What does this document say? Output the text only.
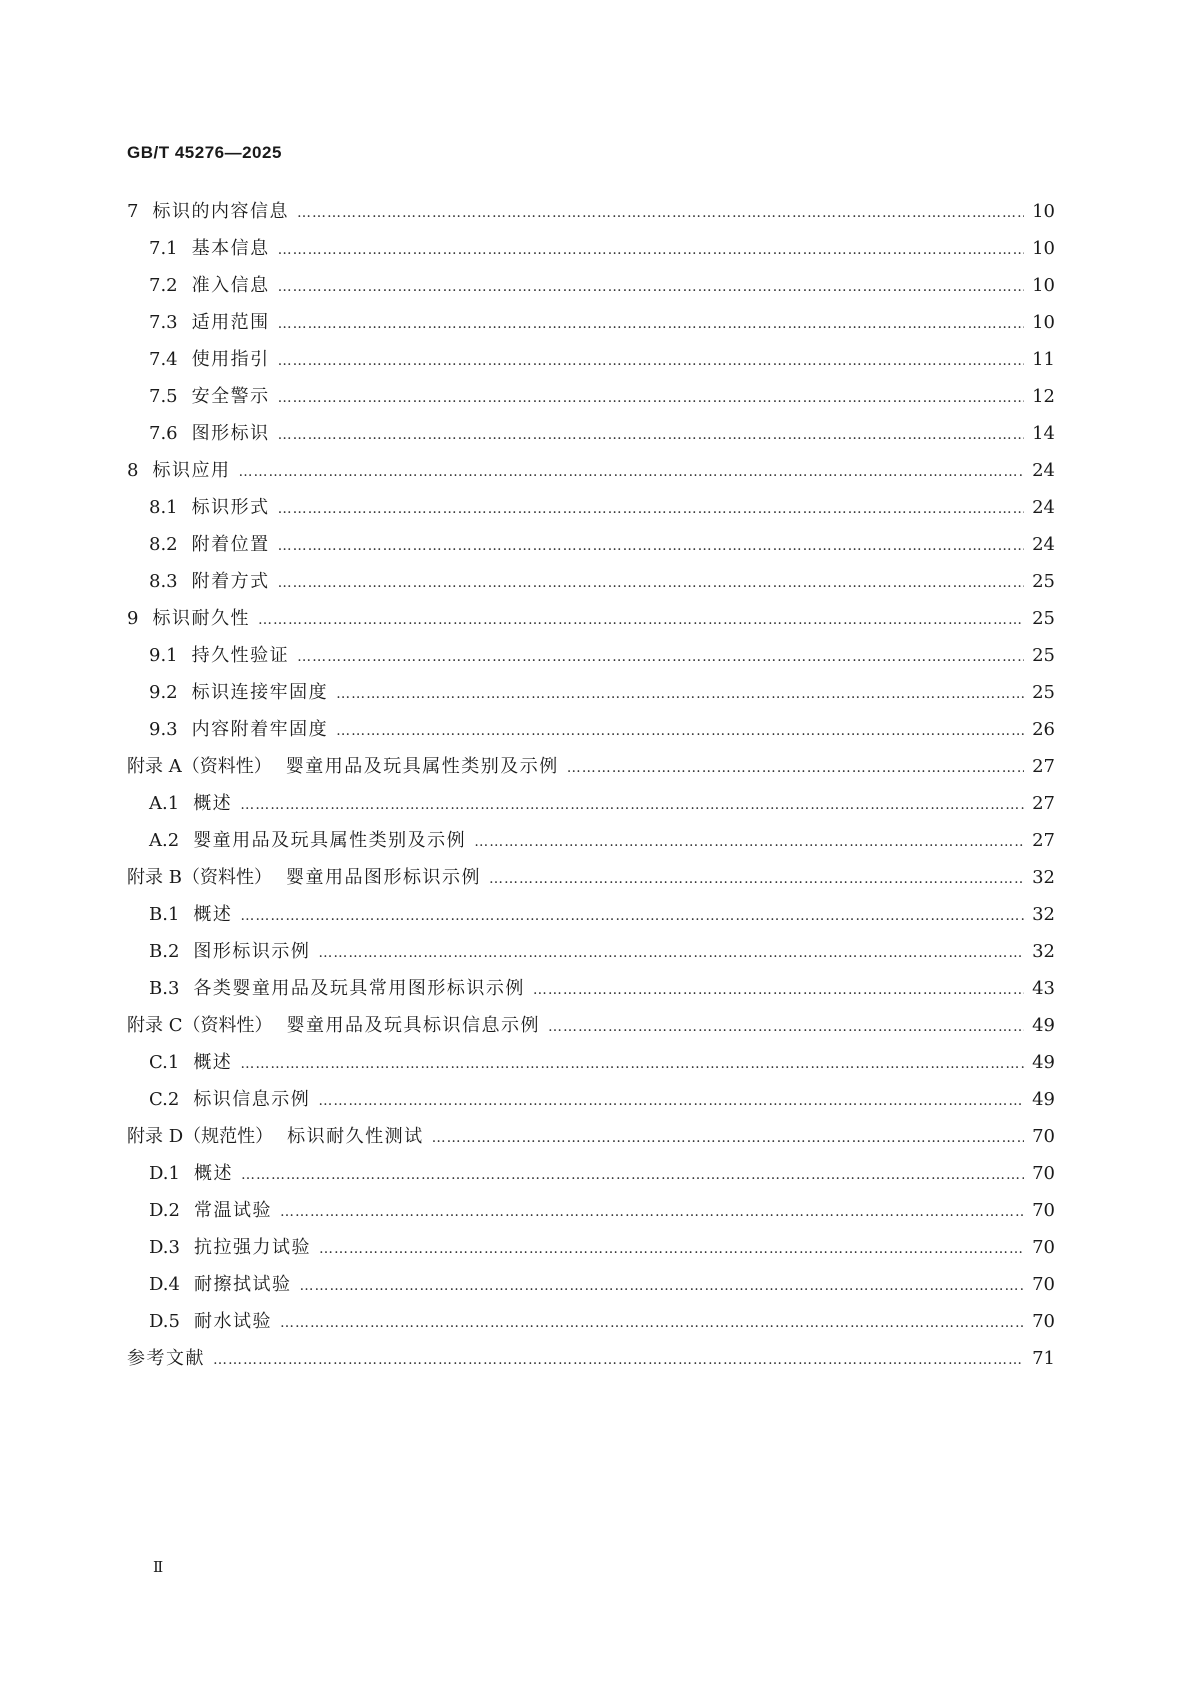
GB/T 45276—2025
7 标识的内容信息 …………………………………………………………………………………………………………………………………………………………………………………………………………………………………………………………………………………………………	10
7.1 基本信息 …………………………………………………………………………………………………………………………………………………………………………………………………………………………………………………………………………………………………	10
7.2 准入信息 …………………………………………………………………………………………………………………………………………………………………………………………………………………………………………………………………………………………………	10
7.3 适用范围 …………………………………………………………………………………………………………………………………………………………………………………………………………………………………………………………………………………………………	10
7.4 使用指引 …………………………………………………………………………………………………………………………………………………………………………………………………………………………………………………………………………………………………	11
7.5 安全警示 …………………………………………………………………………………………………………………………………………………………………………………………………………………………………………………………………………………………………	12
7.6 图形标识 …………………………………………………………………………………………………………………………………………………………………………………………………………………………………………………………………………………………………	14
8 标识应用 …………………………………………………………………………………………………………………………………………………………………………………………………………………………………………………………………………………………………	24
8.1 标识形式 …………………………………………………………………………………………………………………………………………………………………………………………………………………………………………………………………………………………………	24
8.2 附着位置 …………………………………………………………………………………………………………………………………………………………………………………………………………………………………………………………………………………………………	24
8.3 附着方式 …………………………………………………………………………………………………………………………………………………………………………………………………………………………………………………………………………………………………	25
9 标识耐久性 …………………………………………………………………………………………………………………………………………………………………………………………………………………………………………………………………………………………………	25
9.1 持久性验证 …………………………………………………………………………………………………………………………………………………………………………………………………………………………………………………………………………………………………	25
9.2 标识连接牢固度 …………………………………………………………………………………………………………………………………………………………………………………………………………………………………………………………………………………………………	25
9.3 内容附着牢固度 …………………………………………………………………………………………………………………………………………………………………………………………………………………………………………………………………………………………………	26
附录 A（资料性） 婴童用品及玩具属性类别及示例 …………………………………………………………………………………………………………………………………………………………………………………………………………………………………………………………………………………………………	27
A.1 概述 …………………………………………………………………………………………………………………………………………………………………………………………………………………………………………………………………………………………………	27
A.2 婴童用品及玩具属性类别及示例 …………………………………………………………………………………………………………………………………………………………………………………………………………………………………………………………………………………………………	27
附录 B（资料性） 婴童用品图形标识示例 …………………………………………………………………………………………………………………………………………………………………………………………………………………………………………………………………………………………………	32
B.1 概述 …………………………………………………………………………………………………………………………………………………………………………………………………………………………………………………………………………………………………	32
B.2 图形标识示例 …………………………………………………………………………………………………………………………………………………………………………………………………………………………………………………………………………………………………	32
B.3 各类婴童用品及玩具常用图形标识示例 …………………………………………………………………………………………………………………………………………………………………………………………………………………………………………………………………………………………………	43
附录 C（资料性） 婴童用品及玩具标识信息示例 …………………………………………………………………………………………………………………………………………………………………………………………………………………………………………………………………………………………………	49
C.1 概述 …………………………………………………………………………………………………………………………………………………………………………………………………………………………………………………………………………………………………	49
C.2 标识信息示例 …………………………………………………………………………………………………………………………………………………………………………………………………………………………………………………………………………………………………	49
附录 D（规范性） 标识耐久性测试 …………………………………………………………………………………………………………………………………………………………………………………………………………………………………………………………………………………………………	70
D.1 概述 …………………………………………………………………………………………………………………………………………………………………………………………………………………………………………………………………………………………………	70
D.2 常温试验 …………………………………………………………………………………………………………………………………………………………………………………………………………………………………………………………………………………………………	70
D.3 抗拉强力试验 …………………………………………………………………………………………………………………………………………………………………………………………………………………………………………………………………………………………………	70
D.4 耐擦拭试验 …………………………………………………………………………………………………………………………………………………………………………………………………………………………………………………………………………………………………	70
D.5 耐水试验 …………………………………………………………………………………………………………………………………………………………………………………………………………………………………………………………………………………………………	70
参考文献 …………………………………………………………………………………………………………………………………………………………………………………………………………………………………………………………………………………………………	71
Ⅱ
